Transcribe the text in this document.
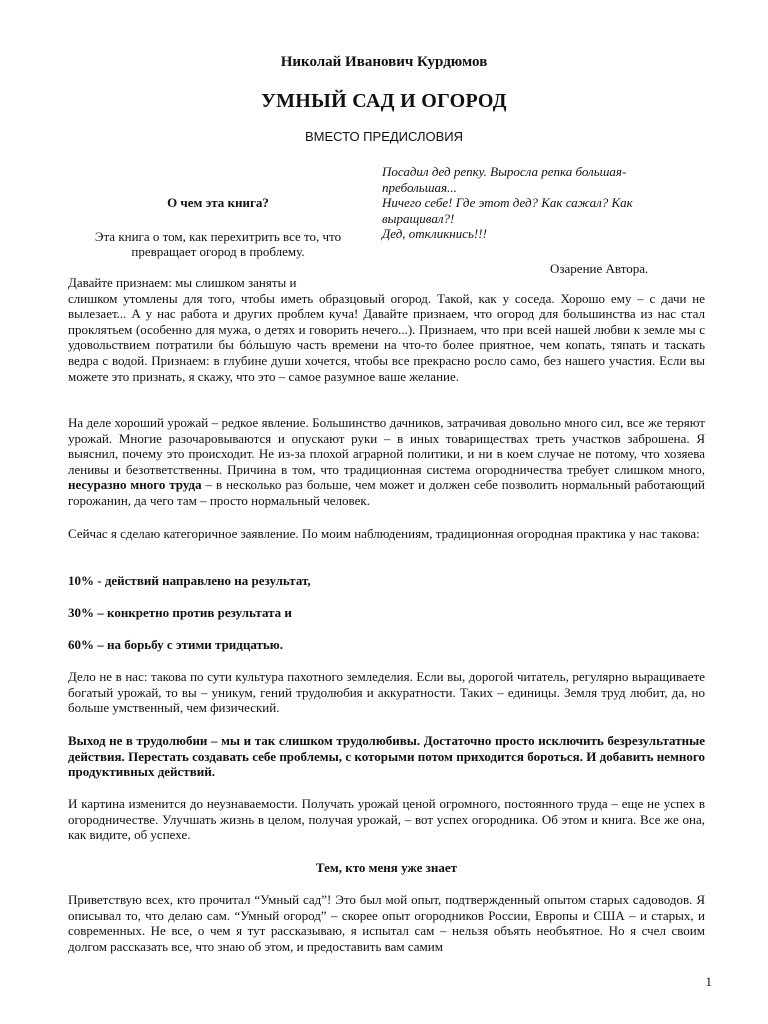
Николай Иванович Курдюмов
УМНЫЙ САД И ОГОРОД
ВМЕСТО ПРЕДИСЛОВИЯ
О чем эта книга?
Эта книга о том, как перехитрить все то, что
превращает огород в проблему.
Посадил дед репку. Выросла репка большая-
пребольшая...
Ничего себе! Где этот дед? Как сажал? Как
выращивал?!
Дед, откликнись!!!
Озарение Автора.
Давайте признаем: мы слишком заняты и
слишком утомлены для того, чтобы иметь образцовый огород. Такой, как у соседа. Хорошо ему – с дачи не вылезает... А у нас работа и других проблем куча! Давайте признаем, что огород для большинства из нас стал проклятьем (особенно для мужа, о детях и говорить нечего...). Признаем, что при всей нашей любви к земле мы с удовольствием потратили бы бóльшую часть времени на что-то более приятное, чем копать, тяпать и таскать ведра с водой. Признаем: в глубине души хочется, чтобы все прекрасно росло само, без нашего участия. Если вы можете это признать, я скажу, что это – самое разумное ваше желание.

На деле хороший урожай – редкое явление. Большинство дачников, затрачивая довольно много сил, все же теряют урожай. Многие разочаровываются и опускают руки – в иных товариществах треть участков заброшена. Я выяснил, почему это происходит. Не из-за плохой аграрной политики, и ни в коем случае не потому, что хозяева ленивы и безответственны. Причина в том, что традиционная система огородничества требует слишком много, несуразно много труда – в несколько раз больше, чем может и должен себе позволить нормальный работающий горожанин, да чего там – просто нормальный человек.

Сейчас я сделаю категоричное заявление. По моим наблюдениям, традиционная огородная практика у нас такова:

10% - действий направлено на результат,

30% – конкретно против результата и

60% – на борьбу с этими тридцатью.

Дело не в нас: такова по сути культура пахотного земледелия. Если вы, дорогой читатель, регулярно выращиваете богатый урожай, то вы – уникум, гений трудолюбия и аккуратности. Таких – единицы. Земля труд любит, да, но больше умственный, чем физический.

Выход не в трудолюбии – мы и так слишком трудолюбивы. Достаточно просто исключить безрезультатные действия. Перестать создавать себе проблемы, с которыми потом приходится бороться. И добавить немного продуктивных действий.

И картина изменится до неузнаваемости. Получать урожай ценой огромного, постоянного труда – еще не успех в огородничестве. Улучшать жизнь в целом, получая урожай, – вот успех огородника. Об этом и книга. Все же она, как видите, об успехе.

Тем, кто меня уже знает

Приветствую всех, кто прочитал “Умный сад”! Это был мой опыт, подтвержденный опытом старых садоводов. Я описывал то, что делаю сам. “Умный огород” – скорее опыт огородников России, Европы и США – и старых, и современных. Не все, о чем я тут рассказываю, я испытал сам – нельзя объять необъятное. Но я счел своим долгом рассказать все, что знаю об этом, и предоставить вам самим

1
